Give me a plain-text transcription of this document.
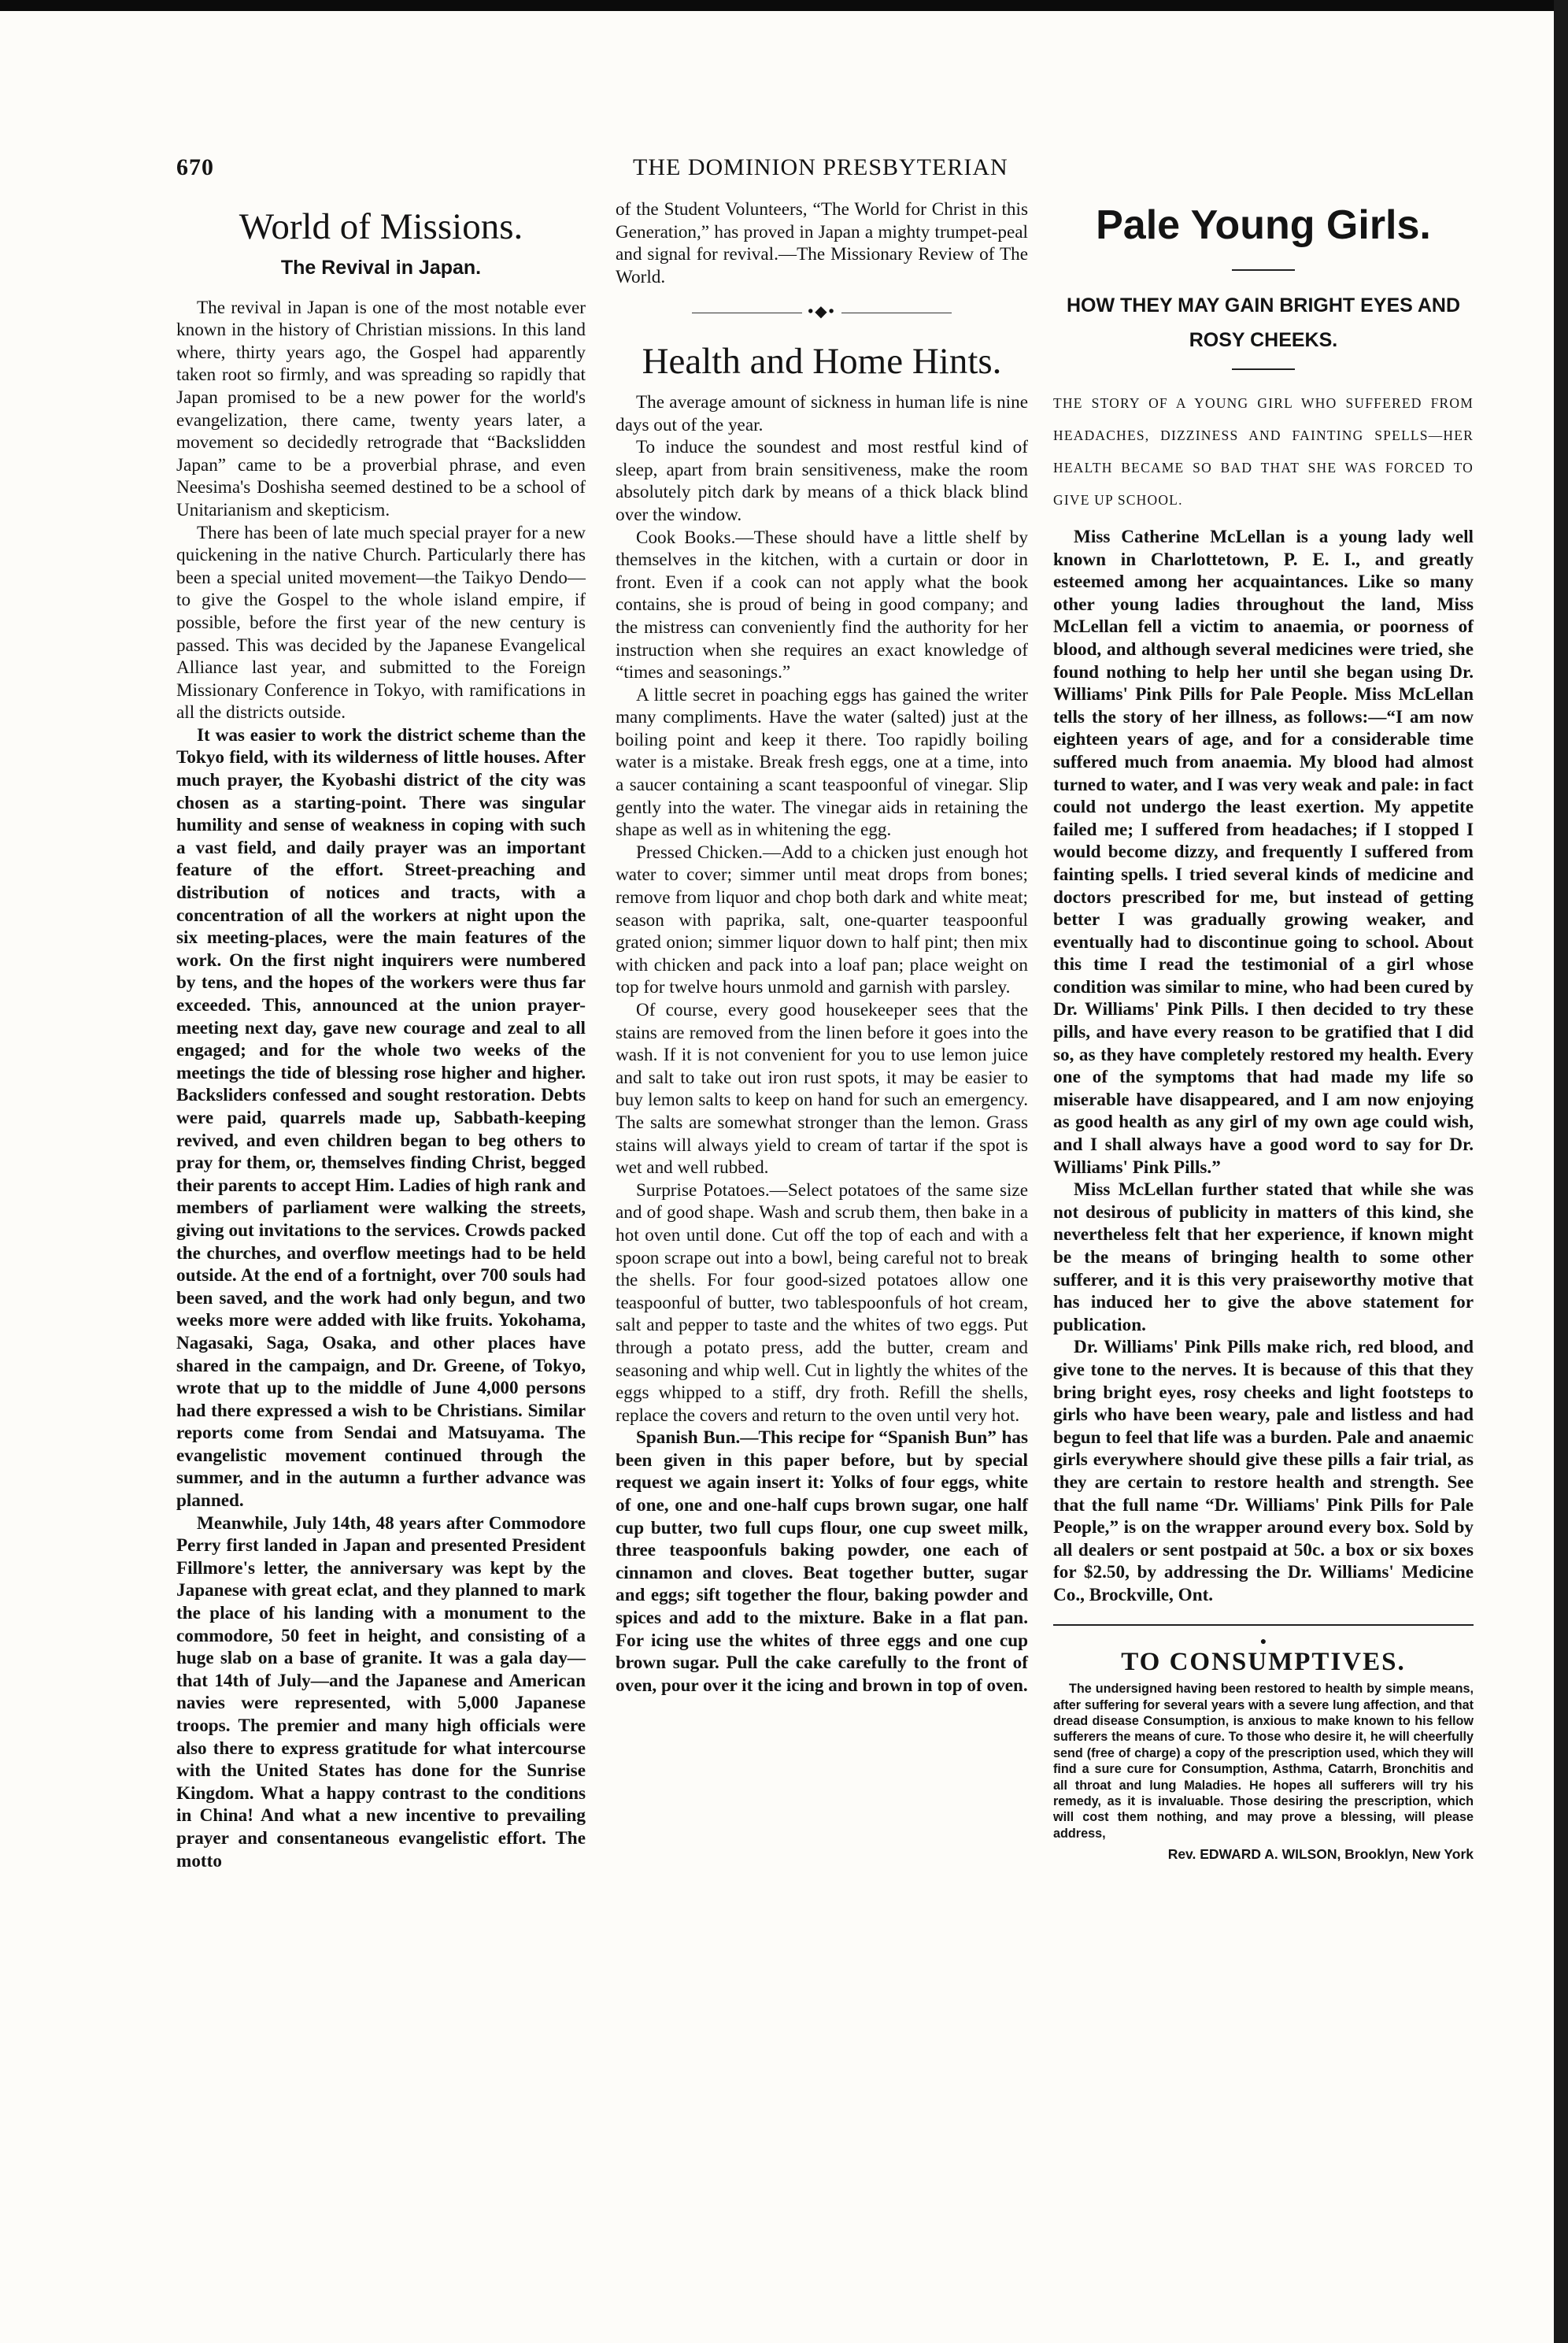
670	THE DOMINION PRESBYTERIAN
World of Missions.
The Revival in Japan.

The revival in Japan is one of the most notable ever known in the history of Christian missions. In this land where, thirty years ago, the Gospel had apparently taken root so firmly, and was spreading so rapidly that Japan promised to be a new power for the world's evangelization, there came, twenty years later, a movement so decidedly retrograde that “Backslidden Japan” came to be a proverbial phrase, and even Neesima's Doshisha seemed destined to be a school of Unitarianism and skepticism.

There has been of late much special prayer for a new quickening in the native Church. Particularly there has been a special united movement—the Taikyo Dendo—to give the Gospel to the whole island empire, if possible, before the first year of the new century is passed. This was decided by the Japanese Evangelical Alliance last year, and submitted to the Foreign Missionary Conference in Tokyo, with ramifications in all the districts outside.

It was easier to work the district scheme than the Tokyo field, with its wilderness of little houses. After much prayer, the Kyobashi district of the city was chosen as a starting-point. There was singular humility and sense of weakness in coping with such a vast field, and daily prayer was an important feature of the effort. Street-preaching and distribution of notices and tracts, with a concentration of all the workers at night upon the six meeting-places, were the main features of the work. On the first night inquirers were numbered by tens, and the hopes of the workers were thus far exceeded. This, announced at the union prayer-meeting next day, gave new courage and zeal to all engaged; and for the whole two weeks of the meetings the tide of blessing rose higher and higher. Backsliders confessed and sought restoration. Debts were paid, quarrels made up, Sabbath-keeping revived, and even children began to beg others to pray for them, or, themselves finding Christ, begged their parents to accept Him. Ladies of high rank and members of parliament were walking the streets, giving out invitations to the services. Crowds packed the churches, and overflow meetings had to be held outside. At the end of a fortnight, over 700 souls had been saved, and the work had only begun, and two weeks more were added with like fruits. Yokohama, Nagasaki, Saga, Osaka, and other places have shared in the campaign, and Dr. Greene, of Tokyo, wrote that up to the middle of June 4,000 persons had there expressed a wish to be Christians. Similar reports come from Sendai and Matsuyama. The evangelistic movement continued through the summer, and in the autumn a further advance was planned.

Meanwhile, July 14th, 48 years after Commodore Perry first landed in Japan and presented President Fillmore's letter, the anniversary was kept by the Japanese with great eclat, and they planned to mark the place of his landing with a monument to the commodore, 50 feet in height, and consisting of a huge slab on a base of granite. It was a gala day—that 14th of July—and the Japanese and American navies were represented, with 5,000 Japanese troops. The premier and many high officials were also there to express gratitude for what intercourse with the United States has done for the Sunrise Kingdom. What a happy contrast to the conditions in China! And what a new incentive to prevailing prayer and consentaneous evangelistic effort. The motto

of the Student Volunteers, “The World for Christ in this Generation,” has proved in Japan a mighty trumpet-peal and signal for revival.—The Missionary Review of The World.

•◆•
Health and Home Hints.

The average amount of sickness in human life is nine days out of the year.

To induce the soundest and most restful kind of sleep, apart from brain sensitiveness, make the room absolutely pitch dark by means of a thick black blind over the window.

Cook Books.—These should have a little shelf by themselves in the kitchen, with a curtain or door in front. Even if a cook can not apply what the book contains, she is proud of being in good company; and the mistress can conveniently find the authority for her instruction when she requires an exact knowledge of “times and seasonings.”

A little secret in poaching eggs has gained the writer many compliments. Have the water (salted) just at the boiling point and keep it there. Too rapidly boiling water is a mistake. Break fresh eggs, one at a time, into a saucer containing a scant teaspoonful of vinegar. Slip gently into the water. The vinegar aids in retaining the shape as well as in whitening the egg.

Pressed Chicken.—Add to a chicken just enough hot water to cover; simmer until meat drops from bones; remove from liquor and chop both dark and white meat; season with paprika, salt, one-quarter teaspoonful grated onion; simmer liquor down to half pint; then mix with chicken and pack into a loaf pan; place weight on top for twelve hours unmold and garnish with parsley.

Of course, every good housekeeper sees that the stains are removed from the linen before it goes into the wash. If it is not convenient for you to use lemon juice and salt to take out iron rust spots, it may be easier to buy lemon salts to keep on hand for such an emergency. The salts are somewhat stronger than the lemon. Grass stains will always yield to cream of tartar if the spot is wet and well rubbed.

Surprise Potatoes.—Select potatoes of the same size and of good shape. Wash and scrub them, then bake in a hot oven until done. Cut off the top of each and with a spoon scrape out into a bowl, being careful not to break the shells. For four good-sized potatoes allow one teaspoonful of butter, two tablespoonfuls of hot cream, salt and pepper to taste and the whites of two eggs. Put through a potato press, add the butter, cream and seasoning and whip well. Cut in lightly the whites of the eggs whipped to a stiff, dry froth. Refill the shells, replace the covers and return to the oven until very hot.

Spanish Bun.—This recipe for “Spanish Bun” has been given in this paper before, but by special request we again insert it: Yolks of four eggs, white of one, one and one-half cups brown sugar, one half cup butter, two full cups flour, one cup sweet milk, three teaspoonfuls baking powder, one each of cinnamon and cloves. Beat together butter, sugar and eggs; sift together the flour, baking powder and spices and add to the mixture. Bake in a flat pan. For icing use the whites of three eggs and one cup brown sugar. Pull the cake carefully to the front of oven, pour over it the icing and brown in top of oven.

Pale Young Girls.
HOW THEY MAY GAIN BRIGHT EYES AND ROSY CHEEKS.
THE STORY OF A YOUNG GIRL WHO SUFFERED FROM HEADACHES, DIZZINESS AND FAINTING SPELLS—HER HEALTH BECAME SO BAD THAT SHE WAS FORCED TO GIVE UP SCHOOL.

Miss Catherine McLellan is a young lady well known in Charlottetown, P. E. I., and greatly esteemed among her acquaintances. Like so many other young ladies throughout the land, Miss McLellan fell a victim to anaemia, or poorness of blood, and although several medicines were tried, she found nothing to help her until she began using Dr. Williams' Pink Pills for Pale People. Miss McLellan tells the story of her illness, as follows:—“I am now eighteen years of age, and for a considerable time suffered much from anaemia. My blood had almost turned to water, and I was very weak and pale: in fact could not undergo the least exertion. My appetite failed me; I suffered from headaches; if I stopped I would become dizzy, and frequently I suffered from fainting spells. I tried several kinds of medicine and doctors prescribed for me, but instead of getting better I was gradually growing weaker, and eventually had to discontinue going to school. About this time I read the testimonial of a girl whose condition was similar to mine, who had been cured by Dr. Williams' Pink Pills. I then decided to try these pills, and have every reason to be gratified that I did so, as they have completely restored my health. Every one of the symptoms that had made my life so miserable have disappeared, and I am now enjoying as good health as any girl of my own age could wish, and I shall always have a good word to say for Dr. Williams' Pink Pills.”

Miss McLellan further stated that while she was not desirous of publicity in matters of this kind, she nevertheless felt that her experience, if known might be the means of bringing health to some other sufferer, and it is this very praiseworthy motive that has induced her to give the above statement for publication.

Dr. Williams' Pink Pills make rich, red blood, and give tone to the nerves. It is because of this that they bring bright eyes, rosy cheeks and light footsteps to girls who have been weary, pale and listless and had begun to feel that life was a burden. Pale and anaemic girls everywhere should give these pills a fair trial, as they are certain to restore health and strength. See that the full name “Dr. Williams' Pink Pills for Pale People,” is on the wrapper around every box. Sold by all dealers or sent postpaid at 50c. a box or six boxes for $2.50, by addressing the Dr. Williams' Medicine Co., Brockville, Ont.

●
TO CONSUMPTIVES.
The undersigned having been restored to health by simple means, after suffering for several years with a severe lung affection, and that dread disease Consumption, is anxious to make known to his fellow sufferers the means of cure. To those who desire it, he will cheerfully send (free of charge) a copy of the prescription used, which they will find a sure cure for Consumption, Asthma, Catarrh, Bronchitis and all throat and lung Maladies. He hopes all sufferers will try his remedy, as it is invaluable. Those desiring the prescription, which will cost them nothing, and may prove a blessing, will please address,
Rev. EDWARD A. WILSON, Brooklyn, New York
